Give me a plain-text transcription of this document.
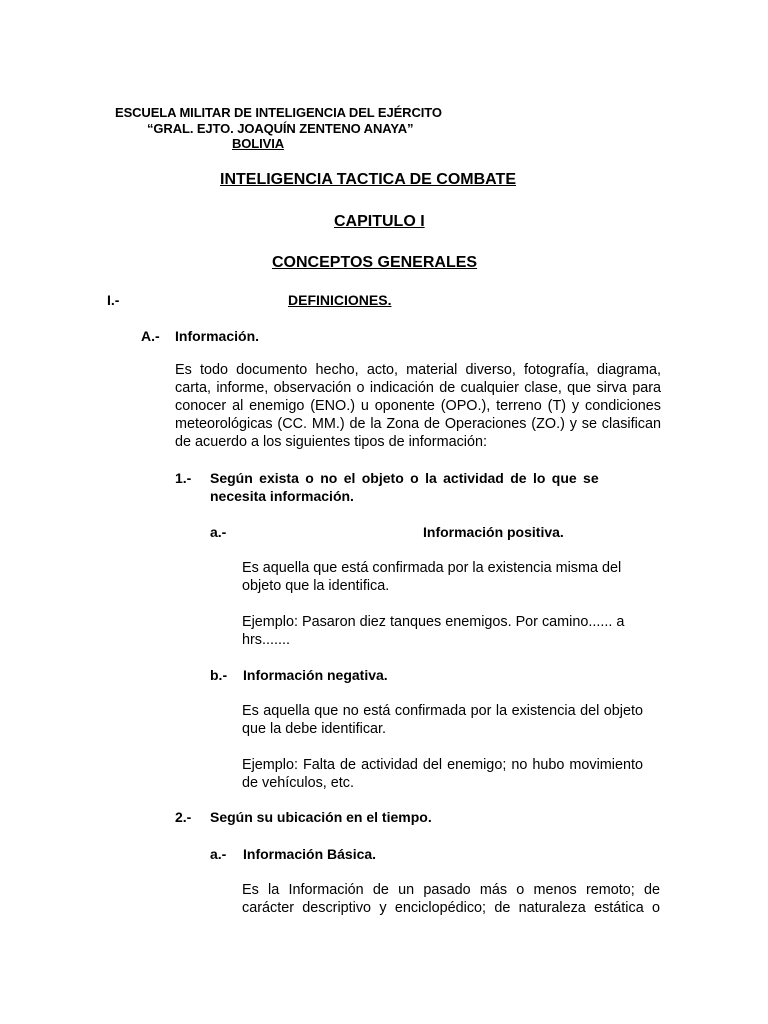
ESCUELA MILITAR DE INTELIGENCIA DEL EJÉRCITO
“GRAL. EJTO. JOAQUÍN ZENTENO ANAYA”
BOLIVIA
INTELIGENCIA TACTICA DE COMBATE
CAPITULO I
CONCEPTOS GENERALES
I.-	DEFINICIONES.
A.- Información.
Es todo documento hecho, acto, material diverso, fotografía, diagrama, carta, informe, observación o indicación de cualquier clase, que sirva para conocer al enemigo (ENO.) u oponente (OPO.), terreno (T) y condiciones meteorológicas (CC. MM.) de la Zona de Operaciones (ZO.) y se clasifican de acuerdo a los siguientes tipos de información:
1.- Según exista o no el objeto o la actividad de lo que se
necesita información.
a.-	Información positiva.
Es aquella que está confirmada por la existencia misma del objeto que la identifica.
Ejemplo: Pasaron diez tanques enemigos. Por camino...... a hrs.......
b.- Información negativa.
Es aquella que no está confirmada por la existencia del objeto que la debe identificar.
Ejemplo: Falta de actividad del enemigo; no hubo movimiento de vehículos, etc.
2.- Según su ubicación en el tiempo.
a.- Información Básica.
Es la Información de un pasado más o menos remoto; de carácter descriptivo y enciclopédico; de naturaleza estática o
